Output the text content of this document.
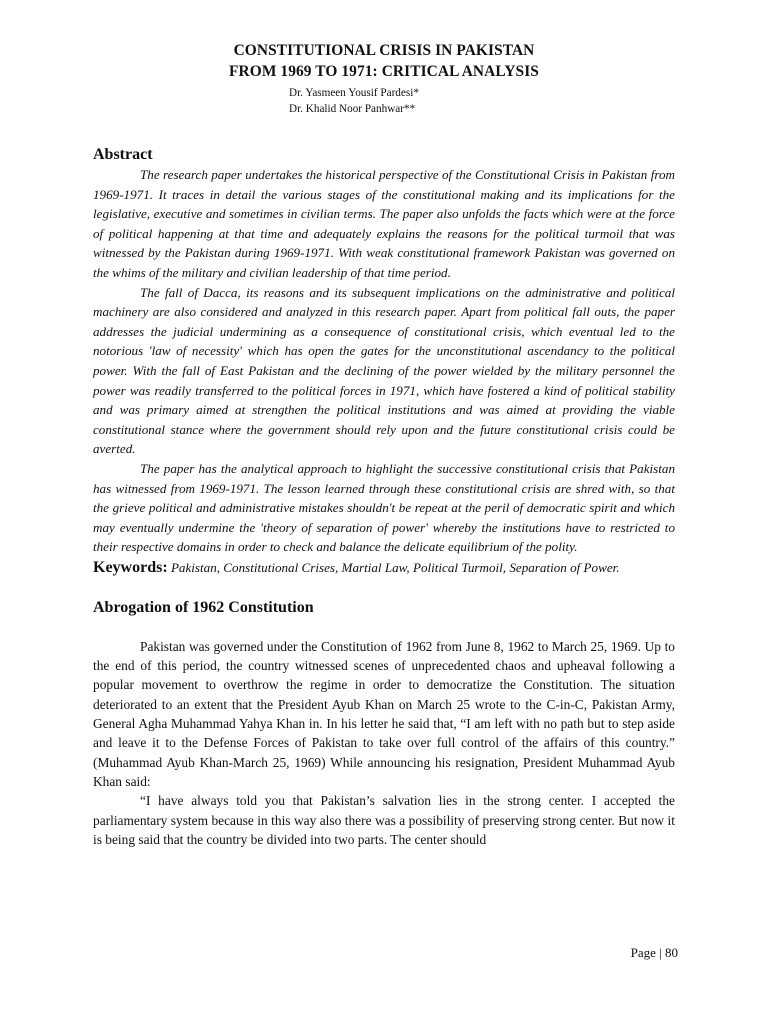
CONSTITUTIONAL CRISIS IN PAKISTAN
FROM 1969 TO 1971: CRITICAL ANALYSIS
Dr. Yasmeen Yousif Pardesi*
Dr. Khalid Noor Panhwar**
Abstract

The research paper undertakes the historical perspective of the Constitutional Crisis in Pakistan from 1969-1971. It traces in detail the various stages of the constitutional making and its implications for the legislative, executive and sometimes in civilian terms. The paper also unfolds the facts which were at the force of political happening at that time and adequately explains the reasons for the political turmoil that was witnessed by the Pakistan during 1969-1971. With weak constitutional framework Pakistan was governed on the whims of the military and civilian leadership of that time period.

The fall of Dacca, its reasons and its subsequent implications on the administrative and political machinery are also considered and analyzed in this research paper. Apart from political fall outs, the paper addresses the judicial undermining as a consequence of constitutional crisis, which eventual led to the notorious 'law of necessity' which has open the gates for the unconstitutional ascendancy to the political power. With the fall of East Pakistan and the declining of the power wielded by the military personnel the power was readily transferred to the political forces in 1971, which have fostered a kind of political stability and was primary aimed at strengthen the political institutions and was aimed at providing the viable constitutional stance where the government should rely upon and the future constitutional crisis could be averted.

The paper has the analytical approach to highlight the successive constitutional crisis that Pakistan has witnessed from 1969-1971. The lesson learned through these constitutional crisis are shred with, so that the grieve political and administrative mistakes shouldn't be repeat at the peril of democratic spirit and which may eventually undermine the 'theory of separation of power' whereby the institutions have to restricted to their respective domains in order to check and balance the delicate equilibrium of the polity.

Keywords: Pakistan, Constitutional Crises, Martial Law, Political Turmoil, Separation of Power.
Abrogation of 1962 Constitution

Pakistan was governed under the Constitution of 1962 from June 8, 1962 to March 25, 1969. Up to the end of this period, the country witnessed scenes of unprecedented chaos and upheaval following a popular movement to overthrow the regime in order to democratize the Constitution. The situation deteriorated to an extent that the President Ayub Khan on March 25 wrote to the C-in-C, Pakistan Army, General Agha Muhammad Yahya Khan in. In his letter he said that, “I am left with no path but to step aside and leave it to the Defense Forces of Pakistan to take over full control of the affairs of this country.” (Muhammad Ayub Khan-March 25, 1969) While announcing his resignation, President Muhammad Ayub Khan said:

“I have always told you that Pakistan’s salvation lies in the strong center. I accepted the parliamentary system because in this way also there was a possibility of preserving strong center. But now it is being said that the country be divided into two parts. The center should

Page | 80
